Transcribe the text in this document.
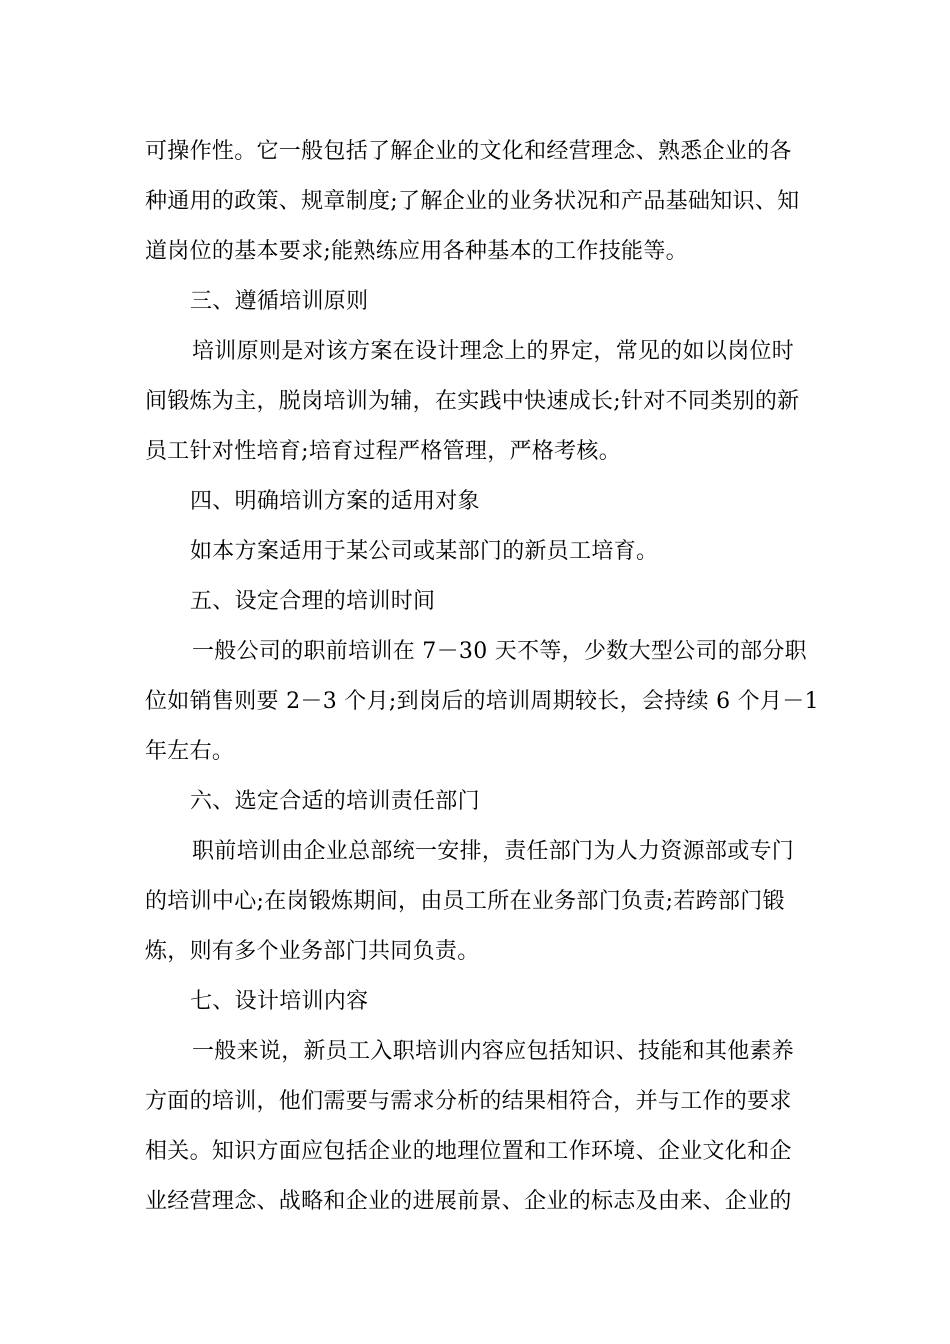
可操作性。它一般包括了解企业的文化和经营理念、熟悉企业的各
种通用的政策、规章制度;了解企业的业务状况和产品基础知识、知
道岗位的基本要求;能熟练应用各种基本的工作技能等。
三、遵循培训原则
培训原则是对该方案在设计理念上的界定，常见的如以岗位时
间锻炼为主，脱岗培训为辅，在实践中快速成长;针对不同类别的新
员工针对性培育;培育过程严格管理，严格考核。
四、明确培训方案的适用对象
如本方案适用于某公司或某部门的新员工培育。
五、设定合理的培训时间
一般公司的职前培训在 7－30 天不等，少数大型公司的部分职
位如销售则要 2－3 个月;到岗后的培训周期较长，会持续 6 个月－1
年左右。
六、选定合适的培训责任部门
职前培训由企业总部统一安排，责任部门为人力资源部或专门
的培训中心;在岗锻炼期间，由员工所在业务部门负责;若跨部门锻
炼，则有多个业务部门共同负责。
七、设计培训内容
一般来说，新员工入职培训内容应包括知识、技能和其他素养
方面的培训，他们需要与需求分析的结果相符合，并与工作的要求
相关。知识方面应包括企业的地理位置和工作环境、企业文化和企
业经营理念、战略和企业的进展前景、企业的标志及由来、企业的
